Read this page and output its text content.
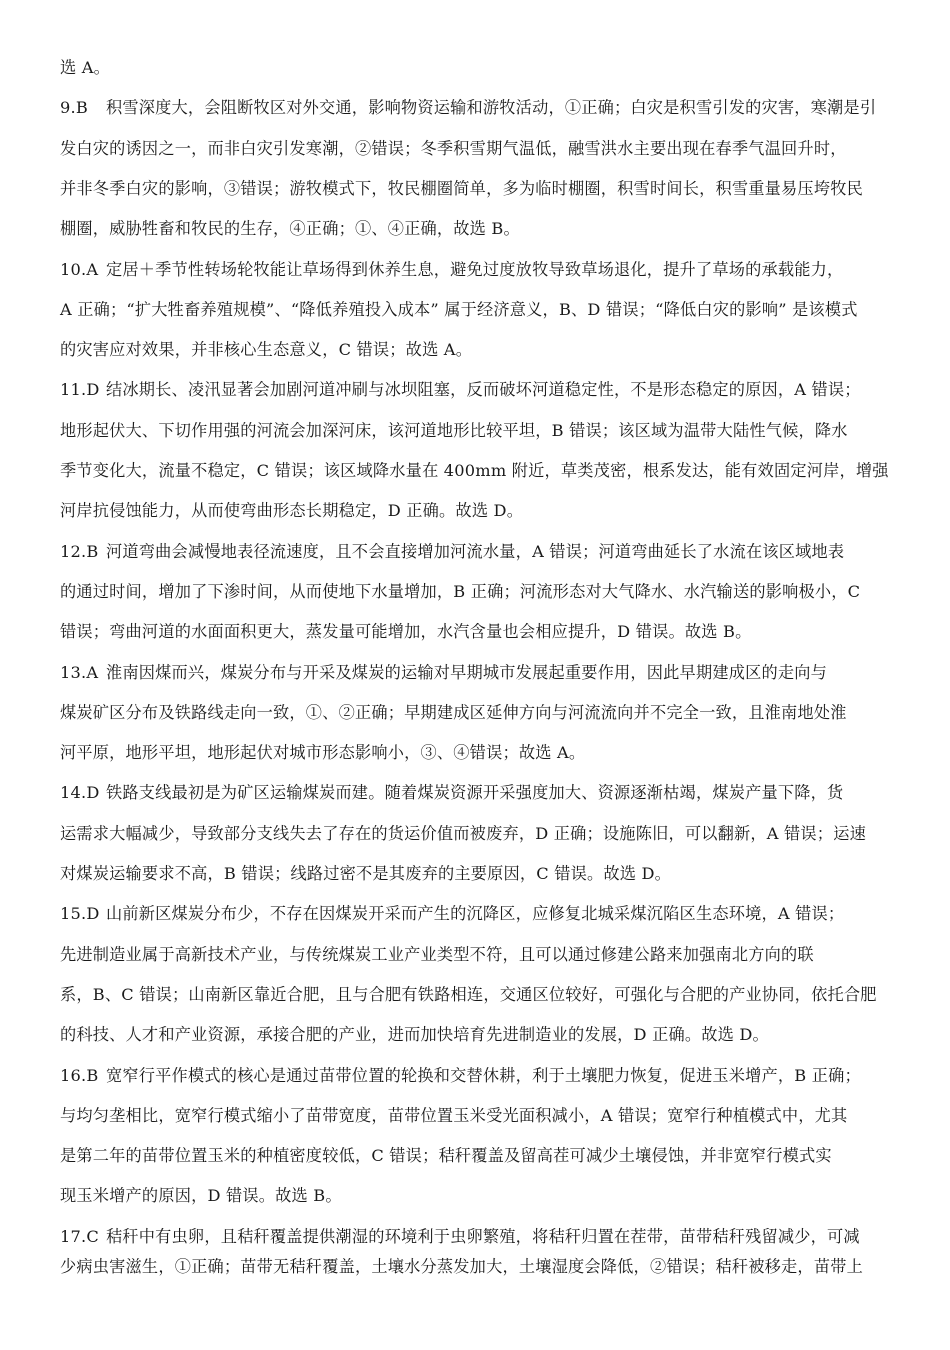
选 A。
9.B 积雪深度大，会阻断牧区对外交通，影响物资运输和游牧活动，①正确；白灾是积雪引发的灾害，寒潮是引
发白灾的诱因之一，而非白灾引发寒潮，②错误；冬季积雪期气温低，融雪洪水主要出现在春季气温回升时，
并非冬季白灾的影响，③错误；游牧模式下，牧民棚圈简单，多为临时棚圈，积雪时间长，积雪重量易压垮牧民
棚圈，威胁牲畜和牧民的生存，④正确；①、④正确，故选 B。
10.A 定居＋季节性转场轮牧能让草场得到休养生息，避免过度放牧导致草场退化，提升了草场的承载能力，
A 正确；“扩大牲畜养殖规模”、“降低养殖投入成本” 属于经济意义，B、D 错误；“降低白灾的影响” 是该模式
的灾害应对效果，并非核心生态意义，C 错误；故选 A。
11.D 结冰期长、凌汛显著会加剧河道冲刷与冰坝阻塞，反而破坏河道稳定性，不是形态稳定的原因，A 错误；
地形起伏大、下切作用强的河流会加深河床，该河道地形比较平坦，B 错误；该区域为温带大陆性气候，降水
季节变化大，流量不稳定，C 错误；该区域降水量在 400mm 附近，草类茂密，根系发达，能有效固定河岸，增强
河岸抗侵蚀能力，从而使弯曲形态长期稳定，D 正确。故选 D。
12.B 河道弯曲会减慢地表径流速度，且不会直接增加河流水量，A 错误；河道弯曲延长了水流在该区域地表
的通过时间，增加了下渗时间，从而使地下水量增加，B 正确；河流形态对大气降水、水汽输送的影响极小，C
错误；弯曲河道的水面面积更大，蒸发量可能增加，水汽含量也会相应提升，D 错误。故选 B。
13.A 淮南因煤而兴，煤炭分布与开采及煤炭的运输对早期城市发展起重要作用，因此早期建成区的走向与
煤炭矿区分布及铁路线走向一致，①、②正确；早期建成区延伸方向与河流流向并不完全一致，且淮南地处淮
河平原，地形平坦，地形起伏对城市形态影响小，③、④错误；故选 A。
14.D 铁路支线最初是为矿区运输煤炭而建。随着煤炭资源开采强度加大、资源逐渐枯竭，煤炭产量下降，货
运需求大幅减少，导致部分支线失去了存在的货运价值而被废弃，D 正确；设施陈旧，可以翻新，A 错误；运速
对煤炭运输要求不高，B 错误；线路过密不是其废弃的主要原因，C 错误。故选 D。
15.D 山前新区煤炭分布少，不存在因煤炭开采而产生的沉降区，应修复北城采煤沉陷区生态环境，A 错误；
先进制造业属于高新技术产业，与传统煤炭工业产业类型不符，且可以通过修建公路来加强南北方向的联
系，B、C 错误；山南新区靠近合肥，且与合肥有铁路相连，交通区位较好，可强化与合肥的产业协同，依托合肥
的科技、人才和产业资源，承接合肥的产业，进而加快培育先进制造业的发展，D 正确。故选 D。
16.B 宽窄行平作模式的核心是通过苗带位置的轮换和交替休耕，利于土壤肥力恢复，促进玉米增产，B 正确；
与均匀垄相比，宽窄行模式缩小了苗带宽度，苗带位置玉米受光面积减小，A 错误；宽窄行种植模式中，尤其
是第二年的苗带位置玉米的种植密度较低，C 错误；秸秆覆盖及留高茬可减少土壤侵蚀，并非宽窄行模式实
现玉米增产的原因，D 错误。故选 B。
17.C 秸秆中有虫卵，且秸秆覆盖提供潮湿的环境利于虫卵繁殖，将秸秆归置在茬带，苗带秸秆残留减少，可减
少病虫害滋生，①正确；苗带无秸秆覆盖，土壤水分蒸发加大，土壤湿度会降低，②错误；秸秆被移走，苗带上
